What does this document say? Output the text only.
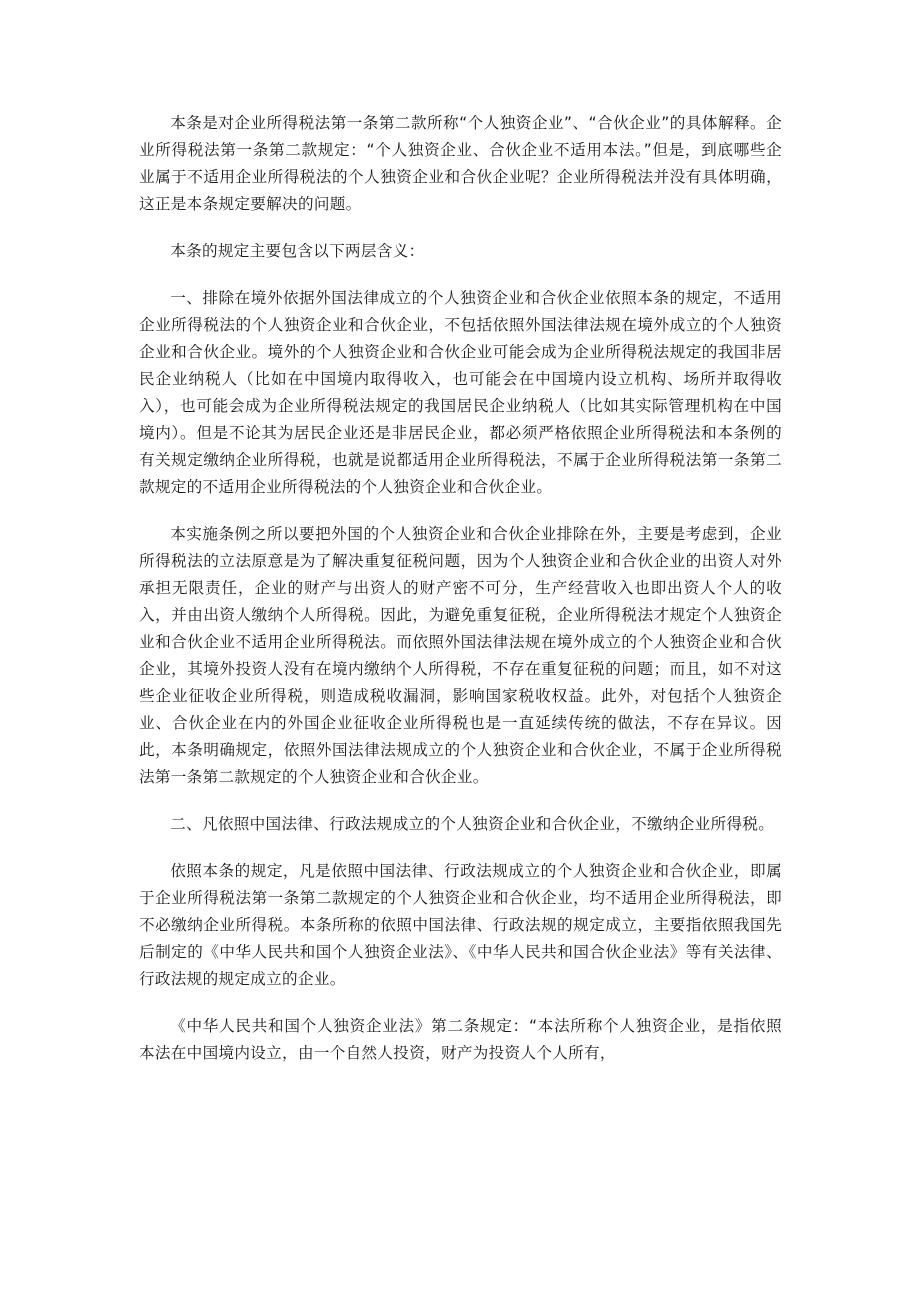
本条是对企业所得税法第一条第二款所称“个人独资企业”、“合伙企业”的具体解释。企业所得税法第一条第二款规定：“个人独资企业、合伙企业不适用本法。”但是，到底哪些企业属于不适用企业所得税法的个人独资企业和合伙企业呢？企业所得税法并没有具体明确，这正是本条规定要解决的问题。

本条的规定主要包含以下两层含义：

一、排除在境外依据外国法律成立的个人独资企业和合伙企业依照本条的规定，不适用企业所得税法的个人独资企业和合伙企业，不包括依照外国法律法规在境外成立的个人独资企业和合伙企业。境外的个人独资企业和合伙企业可能会成为企业所得税法规定的我国非居民企业纳税人（比如在中国境内取得收入，也可能会在中国境内设立机构、场所并取得收入），也可能会成为企业所得税法规定的我国居民企业纳税人（比如其实际管理机构在中国境内）。但是不论其为居民企业还是非居民企业，都必须严格依照企业所得税法和本条例的有关规定缴纳企业所得税，也就是说都适用企业所得税法，不属于企业所得税法第一条第二款规定的不适用企业所得税法的个人独资企业和合伙企业。

本实施条例之所以要把外国的个人独资企业和合伙企业排除在外，主要是考虑到，企业所得税法的立法原意是为了解决重复征税问题，因为个人独资企业和合伙企业的出资人对外承担无限责任，企业的财产与出资人的财产密不可分，生产经营收入也即出资人个人的收入，并由出资人缴纳个人所得税。因此，为避免重复征税，企业所得税法才规定个人独资企业和合伙企业不适用企业所得税法。而依照外国法律法规在境外成立的个人独资企业和合伙企业，其境外投资人没有在境内缴纳个人所得税，不存在重复征税的问题；而且，如不对这些企业征收企业所得税，则造成税收漏洞，影响国家税收权益。此外，对包括个人独资企业、合伙企业在内的外国企业征收企业所得税也是一直延续传统的做法，不存在异议。因此，本条明确规定，依照外国法律法规成立的个人独资企业和合伙企业，不属于企业所得税法第一条第二款规定的个人独资企业和合伙企业。

二、凡依照中国法律、行政法规成立的个人独资企业和合伙企业，不缴纳企业所得税。

依照本条的规定，凡是依照中国法律、行政法规成立的个人独资企业和合伙企业，即属于企业所得税法第一条第二款规定的个人独资企业和合伙企业，均不适用企业所得税法，即不必缴纳企业所得税。本条所称的依照中国法律、行政法规的规定成立，主要指依照我国先后制定的《中华人民共和国个人独资企业法》、《中华人民共和国合伙企业法》等有关法律、行政法规的规定成立的企业。

《中华人民共和国个人独资企业法》第二条规定：“本法所称个人独资企业，是指依照本法在中国境内设立，由一个自然人投资，财产为投资人个人所有，
